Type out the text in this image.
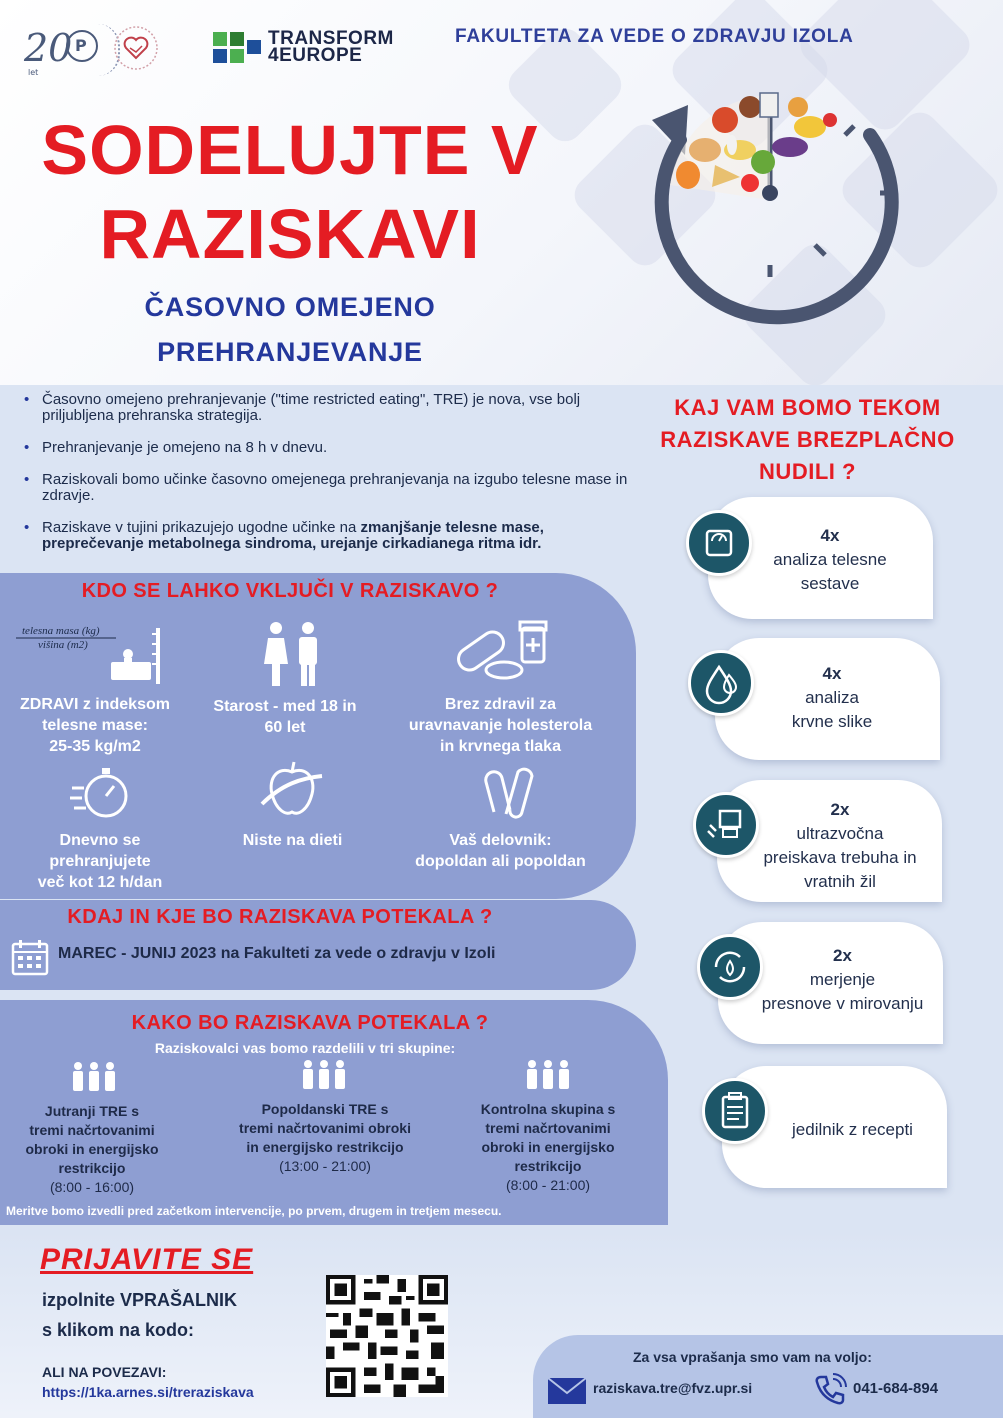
20 P
let
TRANSFORM
4EUROPE
FAKULTETA ZA VEDE O ZDRAVJU IZOLA
SODELUJTE V
RAZISKAVI
ČASOVNO OMEJENO
PREHRANJEVANJE
• Časovno omejeno prehranjevanje ("time restricted eating", TRE) je nova, vse bolj priljubljena prehranska strategija.
• Prehranjevanje je omejeno na 8 h v dnevu.
• Raziskovali bomo učinke časovno omejenega prehranjevanja na izgubo telesne mase in zdravje.
• Raziskave v tujini prikazujejo ugodne učinke na zmanjšanje telesne mase, preprečevanje metabolnega sindroma, urejanje cirkadianega ritma idr.
KAJ VAM BOMO TEKOM
RAZISKAVE BREZPLAČNO
NUDILI ?
4x
analiza telesne
sestave
4x
analiza
krvne slike
2x
ultrazvočna
preiskava trebuha in
vratnih žil
2x
merjenje
presnove v mirovanju
jedilnik z recepti
KDO SE LAHKO VKLJUČI V RAZISKAVO ?
telesna masa (kg)
višina (m2)
ZDRAVI z indeksom
telesne mase:
25-35 kg/m2
Starost - med 18 in
60 let
Brez zdravil za
uravnavanje holesterola
in krvnega tlaka
Dnevno se
prehranjujete
več kot 12 h/dan
Niste na dieti	Vaš delovnik:
dopoldan ali popoldan
KDAJ IN KJE BO RAZISKAVA POTEKALA ?
MAREC - JUNIJ 2023 na Fakulteti za vede o zdravju v Izoli
KAKO BO RAZISKAVA POTEKALA ?
Raziskovalci vas bomo razdelili v tri skupine:
Jutranji TRE s
tremi načrtovanimi
obroki in energijsko
restrikcijo
(8:00 - 16:00)
Popoldanski TRE s
tremi načrtovanimi obroki
in energijsko restrikcijo
(13:00 - 21:00)
Kontrolna skupina s
tremi načrtovanimi
obroki in energijsko
restrikcijo
(8:00 - 21:00)
Meritve bomo izvedli pred začetkom intervencije, po prvem, drugem in tretjem mesecu.
PRIJAVITE SE
izpolnite VPRAŠALNIK
s klikom na kodo:
ALI NA POVEZAVI:
https://1ka.arnes.si/treraziskava
Za vsa vprašanja smo vam na voljo:
raziskava.tre@fvz.upr.si	041-684-894
